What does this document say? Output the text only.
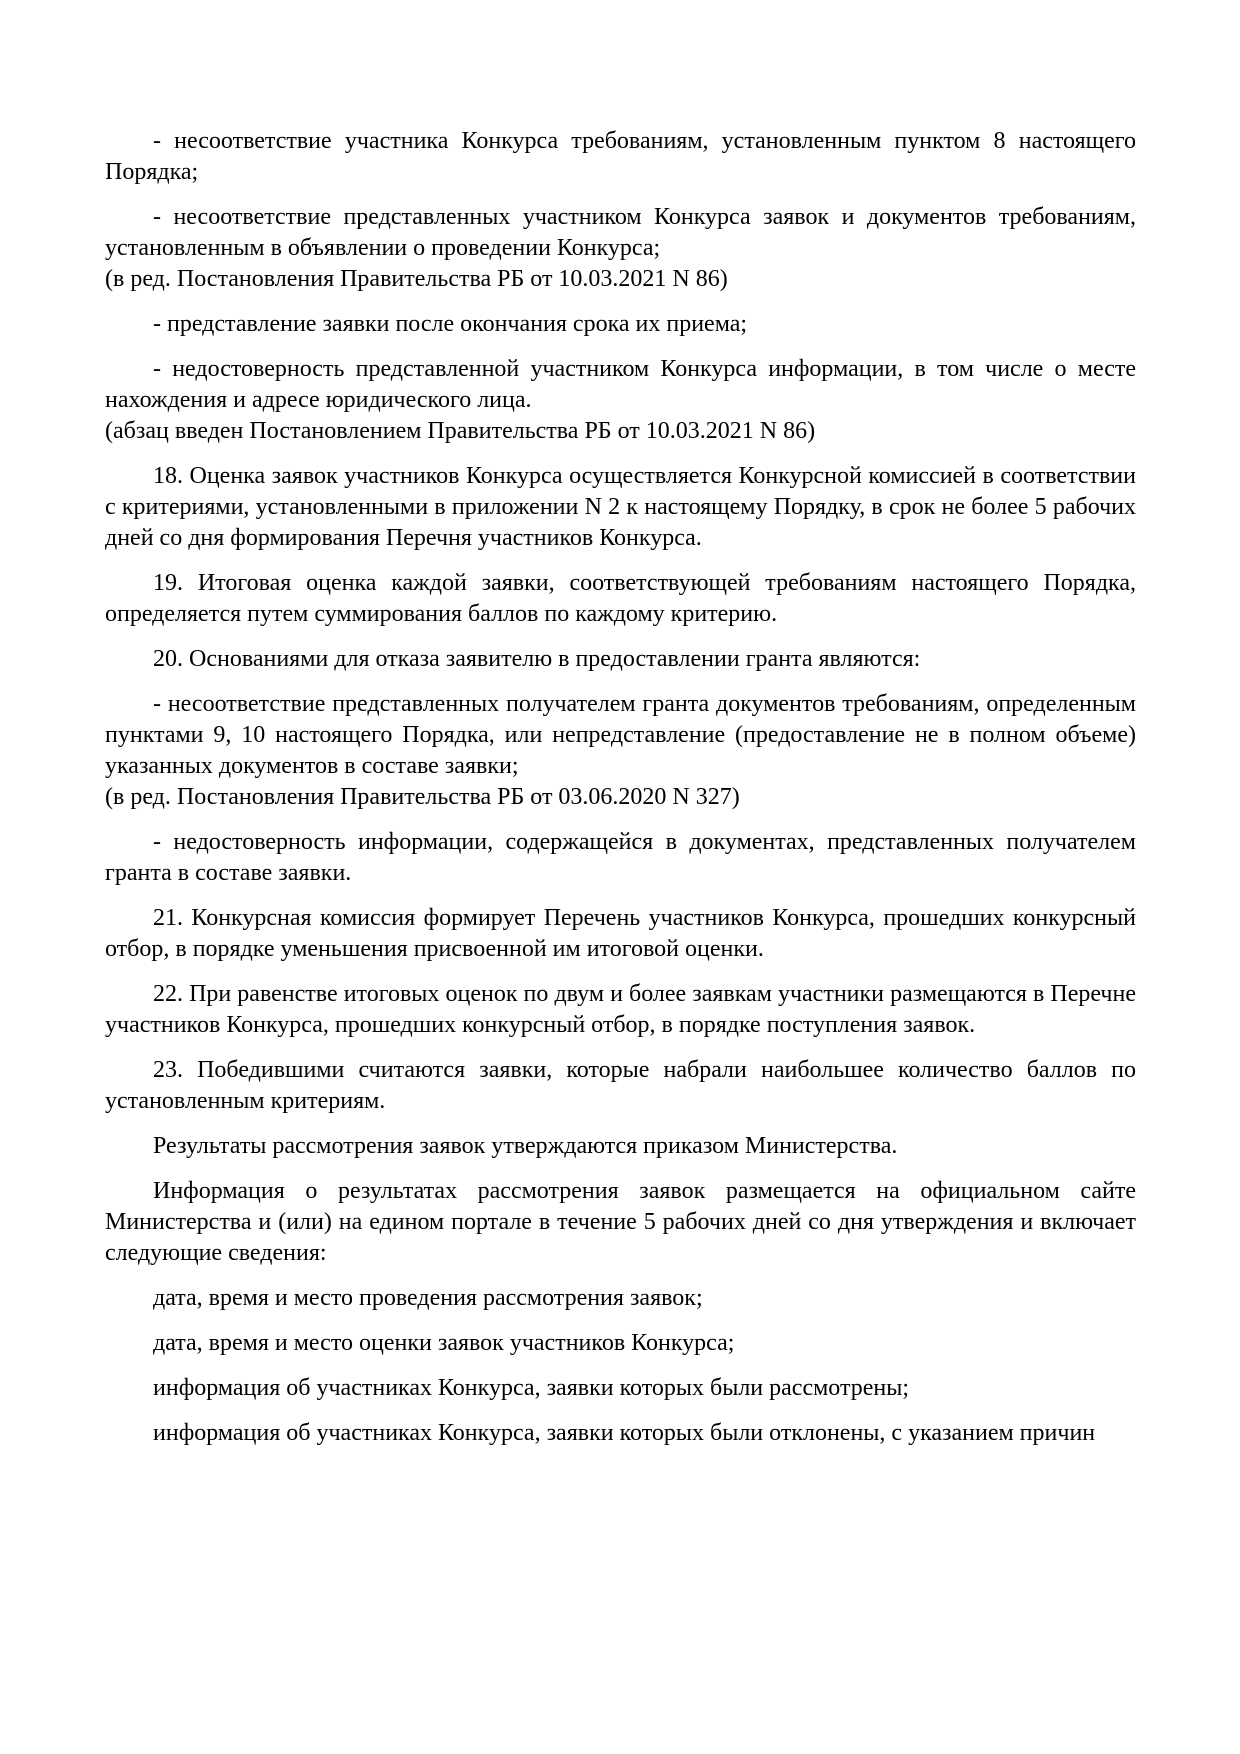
- несоответствие участника Конкурса требованиям, установленным пунктом 8 настоящего Порядка;
- несоответствие представленных участником Конкурса заявок и документов требованиям, установленным в объявлении о проведении Конкурса;
(в ред. Постановления Правительства РБ от 10.03.2021 N 86)
- представление заявки после окончания срока их приема;
- недостоверность представленной участником Конкурса информации, в том числе о месте нахождения и адресе юридического лица.
(абзац введен Постановлением Правительства РБ от 10.03.2021 N 86)
18. Оценка заявок участников Конкурса осуществляется Конкурсной комиссией в соответствии с критериями, установленными в приложении N 2 к настоящему Порядку, в срок не более 5 рабочих дней со дня формирования Перечня участников Конкурса.
19. Итоговая оценка каждой заявки, соответствующей требованиям настоящего Порядка, определяется путем суммирования баллов по каждому критерию.
20. Основаниями для отказа заявителю в предоставлении гранта являются:
- несоответствие представленных получателем гранта документов требованиям, определенным пунктами 9, 10 настоящего Порядка, или непредставление (предоставление не в полном объеме) указанных документов в составе заявки;
(в ред. Постановления Правительства РБ от 03.06.2020 N 327)
- недостоверность информации, содержащейся в документах, представленных получателем гранта в составе заявки.
21. Конкурсная комиссия формирует Перечень участников Конкурса, прошедших конкурсный отбор, в порядке уменьшения присвоенной им итоговой оценки.
22. При равенстве итоговых оценок по двум и более заявкам участники размещаются в Перечне участников Конкурса, прошедших конкурсный отбор, в порядке поступления заявок.
23. Победившими считаются заявки, которые набрали наибольшее количество баллов по установленным критериям.
Результаты рассмотрения заявок утверждаются приказом Министерства.
Информация о результатах рассмотрения заявок размещается на официальном сайте Министерства и (или) на едином портале в течение 5 рабочих дней со дня утверждения и включает следующие сведения:
дата, время и место проведения рассмотрения заявок;
дата, время и место оценки заявок участников Конкурса;
информация об участниках Конкурса, заявки которых были рассмотрены;
информация об участниках Конкурса, заявки которых были отклонены, с указанием причин
